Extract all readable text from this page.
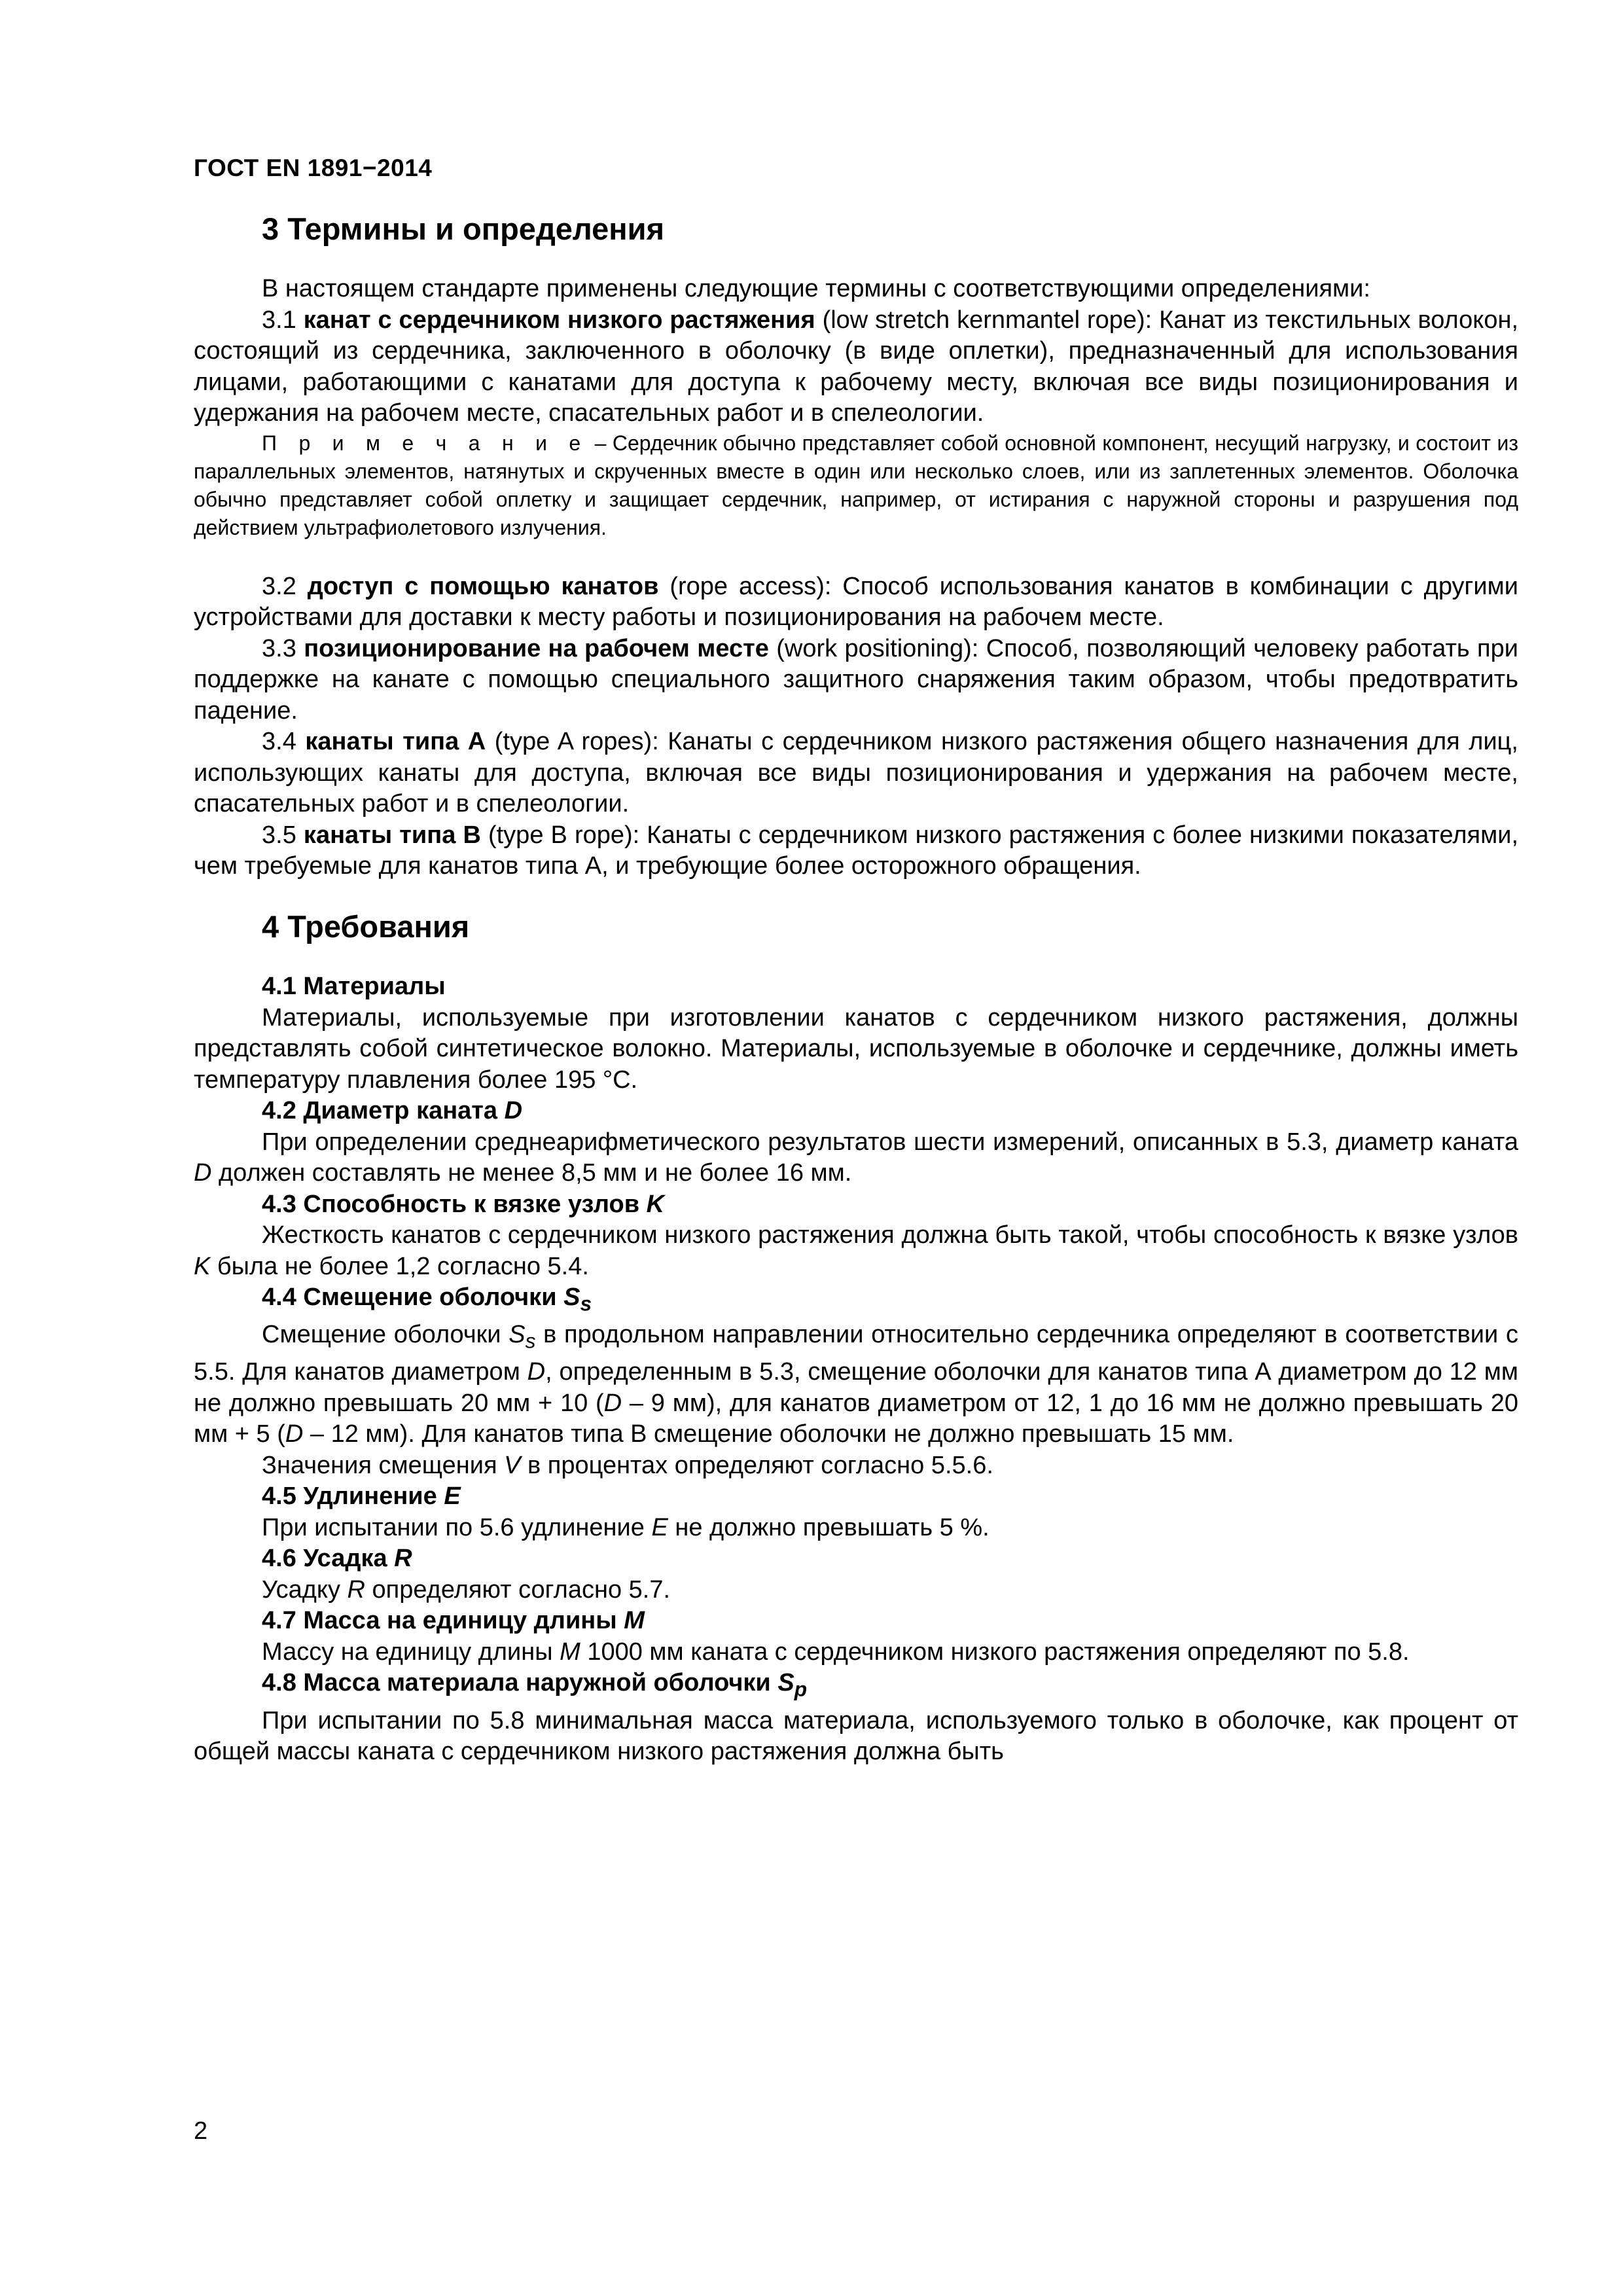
ГОСТ EN 1891−2014
3 Термины и определения

В настоящем стандарте применены следующие термины с соответствующими определениями:

3.1 канат с сердечником низкого растяжения (low stretch kernmantel rope): Канат из текстильных волокон, состоящий из сердечника, заключенного в оболочку (в виде оплетки), предназначенный для использования лицами, работающими с канатами для доступа к рабочему месту, включая все виды позиционирования и удержания на рабочем месте, спасательных работ и в спелеологии.

П р и м е ч а н и е – Сердечник обычно представляет собой основной компонент, несущий нагрузку, и состоит из параллельных элементов, натянутых и скрученных вместе в один или несколько слоев, или из заплетенных элементов. Оболочка обычно представляет собой оплетку и защищает сердечник, например, от истирания с наружной стороны и разрушения под действием ультрафиолетового излучения.

3.2 доступ с помощью канатов (rope access): Способ использования канатов в комбинации с другими устройствами для доставки к месту работы и позиционирования на рабочем месте.

3.3 позиционирование на рабочем месте (work positioning): Способ, позволяющий человеку работать при поддержке на канате с помощью специального защитного снаряжения таким образом, чтобы предотвратить падение.

3.4 канаты типа А (type A ropes): Канаты с сердечником низкого растяжения общего назначения для лиц, использующих канаты для доступа, включая все виды позиционирования и удержания на рабочем месте, спасательных работ и в спелеологии.

3.5 канаты типа В (type B rope): Канаты с сердечником низкого растяжения с более низкими показателями, чем требуемые для канатов типа А, и требующие более осторожного обращения.

4 Требования
4.1 Материалы

Материалы, используемые при изготовлении канатов с сердечником низкого растяжения, должны представлять собой синтетическое волокно. Материалы, используемые в оболочке и сердечнике, должны иметь температуру плавления более 195 °С.

4.2 Диаметр каната D

При определении среднеарифметического результатов шести измерений, описанных в 5.3, диаметр каната D должен составлять не менее 8,5 мм и не более 16 мм.

4.3 Способность к вязке узлов K

Жесткость канатов с сердечником низкого растяжения должна быть такой, чтобы способность к вязке узлов K была не более 1,2 согласно 5.4.

4.4 Смещение оболочки $S_s$

Смещение оболочки $S_s$ в продольном направлении относительно сердечника определяют в соответствии с 5.5. Для канатов диаметром D, определенным в 5.3, смещение оболочки для канатов типа А диаметром до 12 мм не должно превышать 20 мм + 10 (D – 9 мм), для канатов диаметром от 12, 1 до 16 мм не должно превышать 20 мм + 5 (D – 12 мм). Для канатов типа В смещение оболочки не должно превышать 15 мм.

Значения смещения V в процентах определяют согласно 5.5.6.

4.5 Удлинение E

При испытании по 5.6 удлинение E не должно превышать 5 %.

4.6 Усадка R

Усадку R определяют согласно 5.7.

4.7 Масса на единицу длины M

Массу на единицу длины M 1000 мм каната с сердечником низкого растяжения определяют по 5.8.

4.8 Масса материала наружной оболочки $S_p$

При испытании по 5.8 минимальная масса материала, используемого только в оболочке, как процент от общей массы каната с сердечником низкого растяжения должна быть

2
